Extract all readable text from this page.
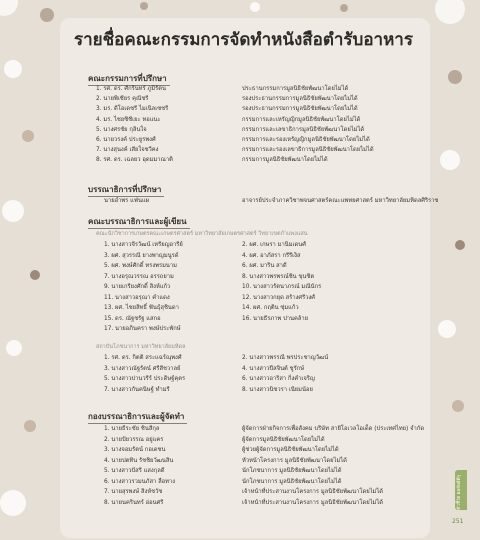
รายชื่อคณะกรรมการจัดทำหนังสือตำรับอาหาร
คณะกรรมการที่ปรึกษา
บรรณาธิการที่ปรึกษา
คณะบรรณาธิการและผู้เขียน
คณะนักวิชาการเกษตรคณะเกษตรศาสตร์ มหาวิทยาลัยเกษตรศาสตร์ วิทยาเขตกำแพงแสน
สถาบันโภชนาการ มหาวิทยาลัยมหิดล
กองบรรณาธิการและผู้จัดทำ
ตัวชี้วัด ผลลัพธ์ดีๆ
251
1. รศ. ดร. ศักรินทร์ ภูมิรัตน	ประธานกรรมการมูลนิธิชัยพัฒนาโดยไม่ได้
2. นายพิเชียร คุณีชรี	รองประธานกรรมการมูลนิธิชัยพัฒนาโดยไม่ได้
3. มร. ดีโอเดชรี ไมเนิลเซชรี	รองประธานกรรมการมูลนิธิชัยพัฒนาโดยไม่ได้
4. มร. ไชยซิชีเยะ ทอแนะ	กรรมการและเหรัญญิกมูลนิธิชัยพัฒนาโดยไม่ได้
5. นางศรชัย กุลินใจ	กรรมการและเลขาธิการมูลนิธิชัยพัฒนาโดยไม่ได้
6. นายวรงค์ ประยูรพงศ์	กรรมการและรองเหรัญญิกมูลนิธิชัยพัฒนาโดยไม่ได้
7. นางสุนงค์ เสียใจชวีคง	กรรมการและรองเลขาธิการมูลนิธิชัยพัฒนาโดยไม่ได้
8. รศ. ดร. เฉลยว อุดมมาณาติ	กรรมการมูลนิธิชัยพัฒนาโดยไม่ได้
นายอำพร แฟ่นแผ	อาจารย์ประจำภาควิชาพจนศาสตร์คณะแพทยศาสตร์ มหาวิทยาลัยมหิดลศิริราช
1. นางสาวจีรวัฒน์ เหรียญอารีย์	2. ผศ. เกษรา มานิมเดนศ์
3. ผศ. สุวรรณี ยางพาญมนูรด์	4. ผศ. อาภัสรา กรีรีเงิส
5. ผศ. พงษ์ศักดิ์ ทรงพรมนาม	6. ผศ. มาริน สาดี
7. นางอรุณวรรณ อรรถยาม	8. นางสาวพรพรณ์ชิน ขุนชิต
9. นายเกรียงศักดิ์ สิงห์แก้ว	10. นางสาวรัตนาภรณ์ มณีนักร
11. นางสาวอรุณา คำแดง	12. นางสาวกยุด สร้างศรีวงศ์
13. ผศ. ไชยสิทธิ์ ฟันธุ์สุชินดา	14. ผศ. กฤติน ซุ่มแก้ว
15. ดร. ณัฐชรัฐ แสกอ	16. นายธีรภาพ ปานคล้าย
17. นายอภินครา พงษ์ประพักษ์
1. รศ. ดร. กิตติ สระแฉร์ณุพงศ์	2. นางสาวพรรณี พรประชาญวัฒน์
3. นางสาวณัฐรัตน์ ศรีสีชวาลย์	4. นางสาวปีสจินต์ ชูรักษ์
5. นางสาวปานวรีร์ ประดิษฐ์คุตร	6. นางสาวอาริสา กิ่งคำเจริญ
7. นางสาวกันคนิษฐ์ ทำมรี	8. นางสาวนิชวรา เนียมน้อย
1. นายธีระชัย ชินสีกุล	ผู้จัดการฝ่ายกิจการเพื่อสังคม บริษัท สายีโอเวลโอเด็ด (ประเทศไทย) จำกัด
2. นายปัยวรรณ อยู่แคร	ผู้จัดการมูลนิธิชัยพัฒนาโดยไม่ได้
3. นางจอมรัตน์ กอเดชน	ผู้ช่วยผู้จัดการมูลนิธิชัยพัฒนาโดยไม่ได้
4. นายปตทิน รัชชิยวัฒนสิน	หัวหน้าโครงการ มูลนิธิชัยพัฒนาโดยไม่ได้
5. นางสาวปัสรี แสงกุลดี	นักโภชนาการ มูลนิธิชัยพัฒนาโดยไม่ได้
6. นางสาวรวมนภัสา ลือทาง	นักโภชนาการ มูลนิธิชัยพัฒนาโดยไม่ได้
7. นายสุรพงษ์ สิงห์ชวัช	เจ้าหน้าที่ประสานงานโครงการ มูลนิธิชัยพัฒนาโดยไม่ได้
8. นายนครินทร์ อ่อนศรี	เจ้าหน้าที่ประสานงานโครงการ มูลนิธิชัยพัฒนาโดยไม่ได้
